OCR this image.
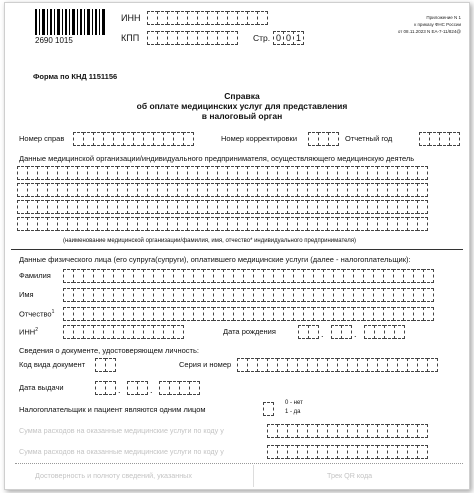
2690 1015
ИНН
КПП	Стр. 0 0 1
Приложение N 1
к приказу ФНС России
от 08.11.2023 N ЕА-7-11/824@
Форма по КНД 1151156
Справка
об оплате медицинских услуг для представления
в налоговый орган
Номер справ	Номер корректировки	Отчетный год
Данные медицинской организации/индивидуального предпринимателя, осуществляющего медицинскую деятель
(наименование медицинской организации/фамилия, имя, отчество* индивидуального предпринимателя)
Данные физического лица (его супруга(супруги), оплатившего медицинские услуги (далее - налогоплательщик):
Фамилия
Имя
Отчество$^1$
ИНН$^2$	Дата рождения	.	.
Сведения о документе, удостоверяющем личность:
Код вида документ	Серия и номер
Дата выдачи	.	.
Налогоплательщик и пациент являются одним лицом
0 - нет
1 - да
Сумма расходов на оказанные медицинские услуги по коду у
Сумма расходов на оказанные медицинские услуги по коду у
Достоверность и полноту сведений, указанных	Трек QR кода
